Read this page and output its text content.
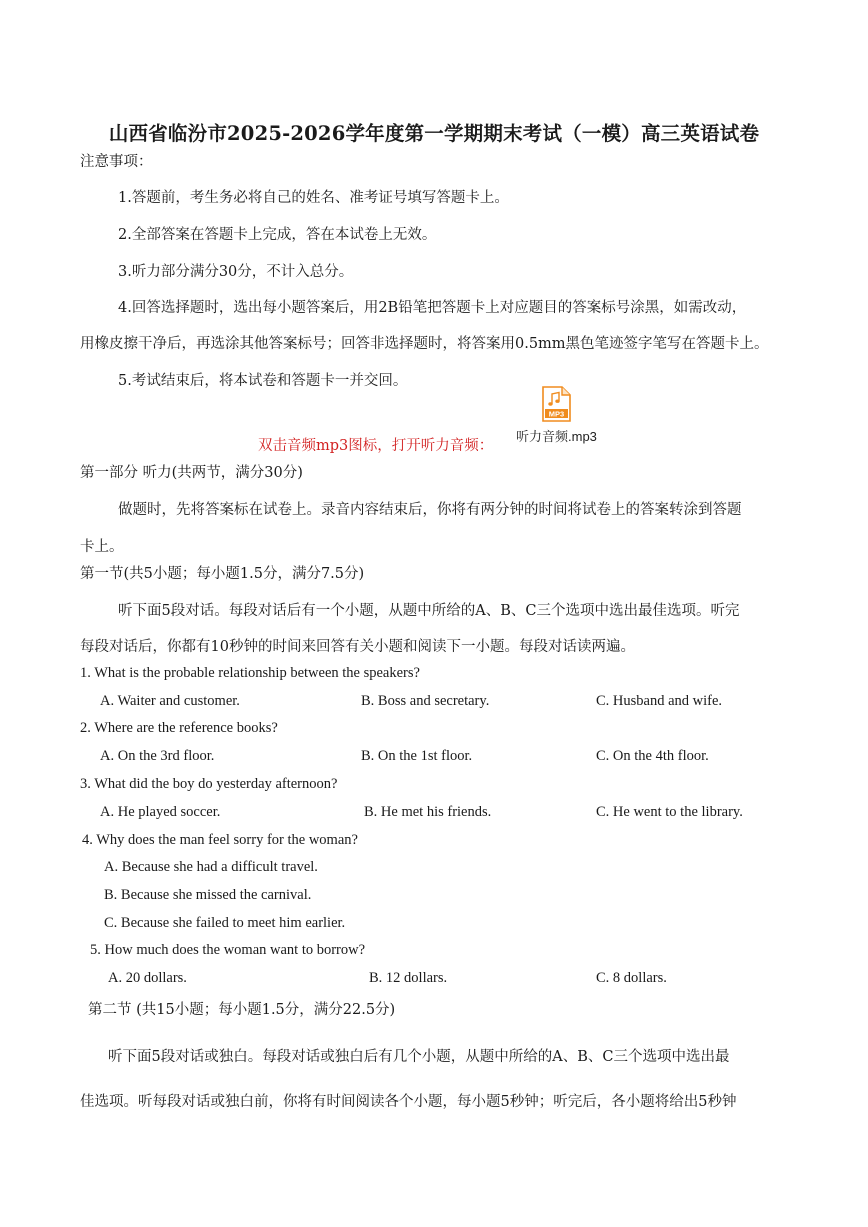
山西省临汾市2025-2026学年度第一学期期末考试（一模）高三英语试卷
注意事项：
1.答题前，考生务必将自己的姓名、准考证号填写答题卡上。
2.全部答案在答题卡上完成，答在本试卷上无效。
3.听力部分满分30分，不计入总分。
4.回答选择题时，选出每小题答案后，用2B铅笔把答题卡上对应题目的答案标号涂黑，如需改动，
用橡皮擦干净后，再选涂其他答案标号；回答非选择题时，将答案用0.5mm黑色笔迹签字笔写在答题卡上。
5.考试结束后，将本试卷和答题卡一并交回。
双击音频mp3图标，打开听力音频：
MP3
听力音频.mp3
第一部分 听力(共两节，满分30分)
做题时，先将答案标在试卷上。录音内容结束后，你将有两分钟的时间将试卷上的答案转涂到答题
卡上。
第一节(共5小题；每小题1.5分，满分7.5分)
听下面5段对话。每段对话后有一个小题，从题中所给的A、B、C三个选项中选出最佳选项。听完
每段对话后，你都有10秒钟的时间来回答有关小题和阅读下一小题。每段对话读两遍。
1. What is the probable relationship between the speakers?
A. Waiter and customer.	B. Boss and secretary.	C. Husband and wife.
2. Where are the reference books?
A. On the 3rd floor.	B. On the 1st floor.	C. On the 4th floor.
3. What did the boy do yesterday afternoon?
A. He played soccer.	B. He met his friends.	C. He went to the library.
4. Why does the man feel sorry for the woman?
A. Because she had a difficult travel.
B. Because she missed the carnival.
C. Because she failed to meet him earlier.
5. How much does the woman want to borrow?
A. 20 dollars.	B. 12 dollars.	C. 8 dollars.
第二节 (共15小题；每小题1.5分，满分22.5分)
听下面5段对话或独白。每段对话或独白后有几个小题，从题中所给的A、B、C三个选项中选出最
佳选项。听每段对话或独白前，你将有时间阅读各个小题，每小题5秒钟；听完后，各小题将给出5秒钟
